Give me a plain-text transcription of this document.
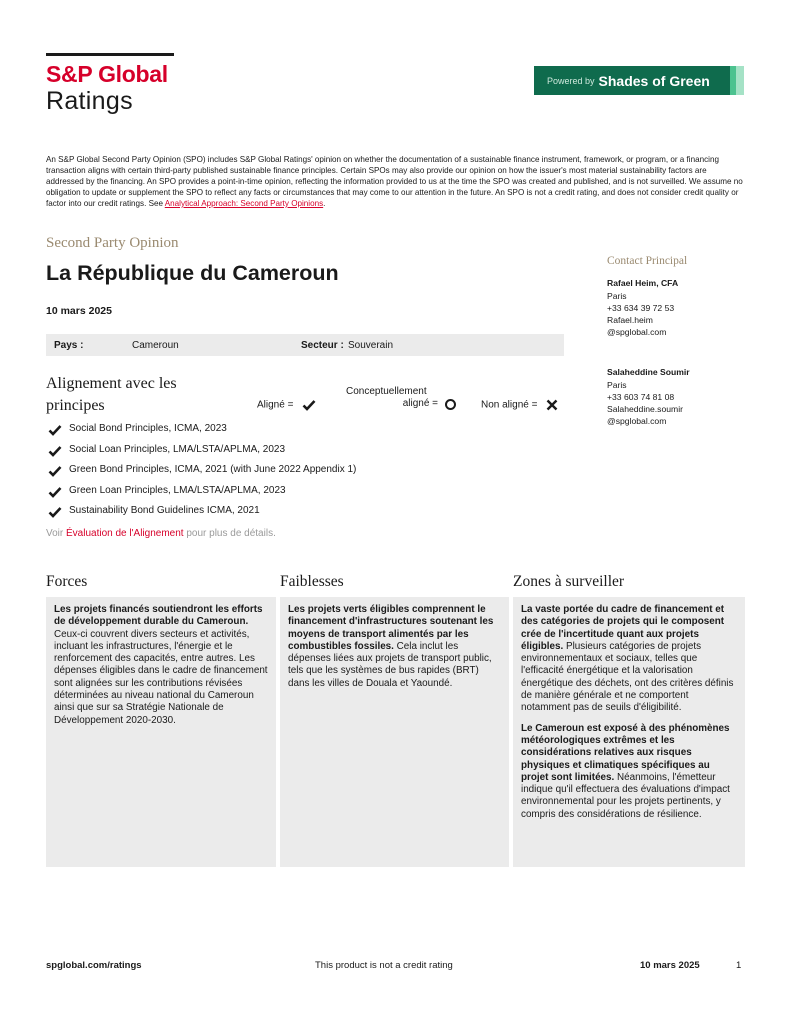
S&P Global
Ratings
Powered by Shades of Green
An S&P Global Second Party Opinion (SPO) includes S&P Global Ratings' opinion on whether the documentation of a sustainable finance instrument, framework, or program, or a financing transaction aligns with certain third-party published sustainable finance principles. Certain SPOs may also provide our opinion on how the issuer's most material sustainability factors are addressed by the financing. An SPO provides a point-in-time opinion, reflecting the information provided to us at the time the SPO was created and published, and is not surveilled. We assume no obligation to update or supplement the SPO to reflect any facts or circumstances that may come to our attention in the future. An SPO is not a credit rating, and does not consider credit quality or factor into our credit ratings. See Analytical Approach: Second Party Opinions.
Second Party Opinion
La République du Cameroun
10 mars 2025
Pays :	Cameroun	Secteur : Souverain
Alignement avec les principes	Aligné =
Conceptuellement
aligné =	Non aligné =
Social Bond Principles, ICMA, 2023
Social Loan Principles, LMA/LSTA/APLMA, 2023
Green Bond Principles, ICMA, 2021 (with June 2022 Appendix 1)
Green Loan Principles, LMA/LSTA/APLMA, 2023
Sustainability Bond Guidelines ICMA, 2021
Voir Évaluation de l'Alignement pour plus de détails.
Contact Principal
Rafael Heim, CFA
Paris
+33 634 39 72 53
Rafael.heim
@spglobal.com
Salaheddine Soumir
Paris
+33 603 74 81 08
Salaheddine.soumir
@spglobal.com
Forces

Les projets financés soutiendront les efforts de développement durable du Cameroun. Ceux-ci couvrent divers secteurs et activités, incluant les infrastructures, l'énergie et le renforcement des capacités, entre autres. Les dépenses éligibles dans le cadre de financement sont alignées sur les contributions révisées déterminées au niveau national du Cameroun ainsi que sur sa Stratégie Nationale de Développement 2020-2030.

Faiblesses

Les projets verts éligibles comprennent le financement d'infrastructures soutenant les moyens de transport alimentés par les combustibles fossiles. Cela inclut les dépenses liées aux projets de transport public, tels que les systèmes de bus rapides (BRT) dans les villes de Douala et Yaoundé.

Zones à surveiller

La vaste portée du cadre de financement et des catégories de projets qui le composent crée de l'incertitude quant aux projets éligibles. Plusieurs catégories de projets environnementaux et sociaux, telles que l'efficacité énergétique et la valorisation énergétique des déchets, ont des critères définis de manière générale et ne comportent notamment pas de seuils d'éligibilité.

Le Cameroun est exposé à des phénomènes météorologiques extrêmes et les considérations relatives aux risques physiques et climatiques spécifiques au projet sont limitées. Néanmoins, l'émetteur indique qu'il effectuera des évaluations d'impact environnemental pour les projets pertinents, y compris des considérations de résilience.

spglobal.com/ratings	This product is not a credit rating	10 mars 2025	1
